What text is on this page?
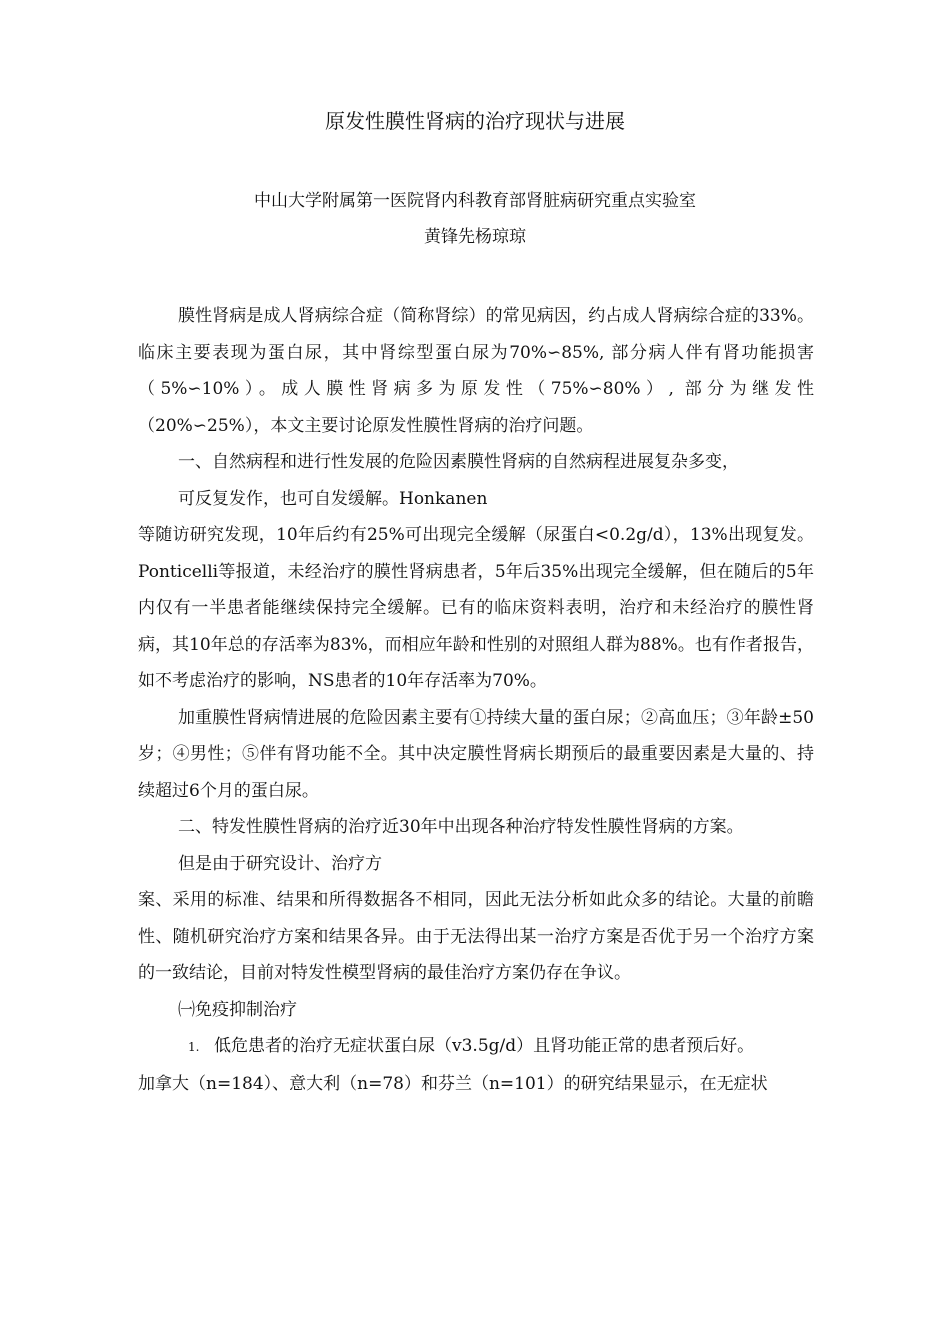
原发性膜性肾病的治疗现状与进展
中山大学附属第一医院肾内科教育部肾脏病研究重点实验室
黄锋先杨琼琼

膜性肾病是成人肾病综合症（简称肾综）的常见病因，约占成人肾病综合症的33%。临床主要表现为蛋白尿，其中肾综型蛋白尿为70%∽85%, 部分病人伴有肾功能损害（5%∽10%）。成人膜性肾病多为原发性（75%∽80%）, 部分为继发性（20%∽25%），本文主要讨论原发性膜性肾病的治疗问题。

一、自然病程和进行性发展的危险因素膜性肾病的自然病程进展复杂多变，

可反复发作，也可自发缓解。Honkanen

等随访研究发现，10年后约有25%可出现完全缓解（尿蛋白<0.2g/d），13%出现复发。Ponticelli等报道，未经治疗的膜性肾病患者，5年后35%出现完全缓解，但在随后的5年内仅有一半患者能继续保持完全缓解。已有的临床资料表明，治疗和未经治疗的膜性肾病，其10年总的存活率为83%，而相应年龄和性别的对照组人群为88%。也有作者报告，如不考虑治疗的影响，NS患者的10年存活率为70%。

加重膜性肾病情进展的危险因素主要有①持续大量的蛋白尿；②高血压；③年龄±50岁；④男性；⑤伴有肾功能不全。其中决定膜性肾病长期预后的最重要因素是大量的、持续超过6个月的蛋白尿。

二、特发性膜性肾病的治疗近30年中出现各种治疗特发性膜性肾病的方案。

但是由于研究设计、治疗方

案、采用的标准、结果和所得数据各不相同，因此无法分析如此众多的结论。大量的前瞻性、随机研究治疗方案和结果各异。由于无法得出某一治疗方案是否优于另一个治疗方案的一致结论，目前对特发性模型肾病的最佳治疗方案仍存在争议。

㈠免疫抑制治疗

1. 低危患者的治疗无症状蛋白尿（v3.5g/d）且肾功能正常的患者预后好。

加拿大（n=184）、意大利（n=78）和芬兰（n=101）的研究结果显示，在无症状
